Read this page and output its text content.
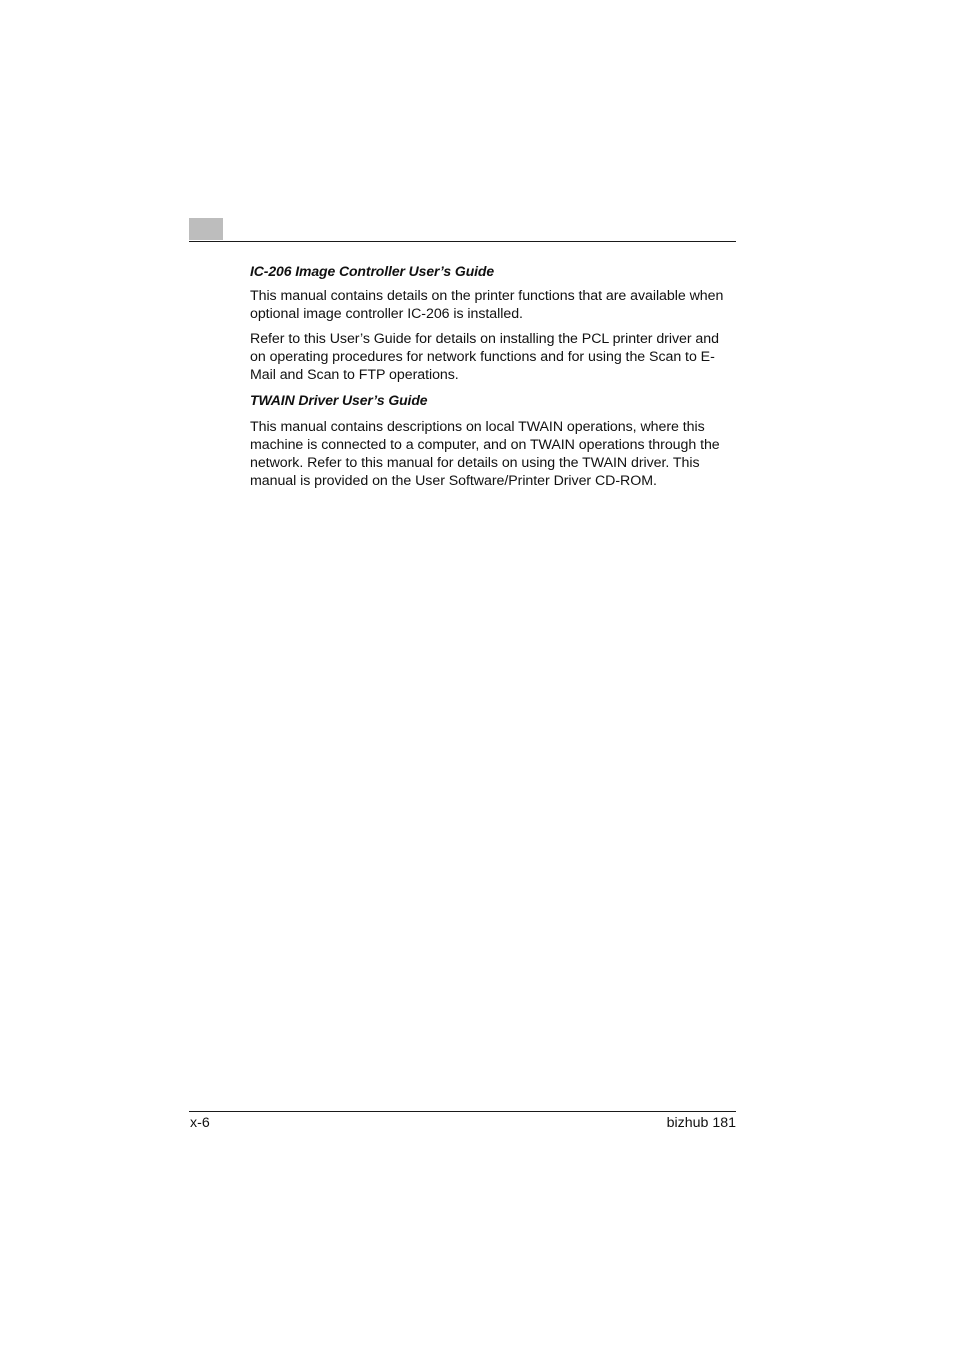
IC-206 Image Controller User’s Guide

This manual contains details on the printer functions that are available when optional image controller IC-206 is installed.

Refer to this User’s Guide for details on installing the PCL printer driver and on operating procedures for network functions and for using the Scan to E-Mail and Scan to FTP operations.

TWAIN Driver User’s Guide

This manual contains descriptions on local TWAIN operations, where this machine is connected to a computer, and on TWAIN operations through the network. Refer to this manual for details on using the TWAIN driver. This manual is provided on the User Software/Printer Driver CD-ROM.

x-6	bizhub 181
